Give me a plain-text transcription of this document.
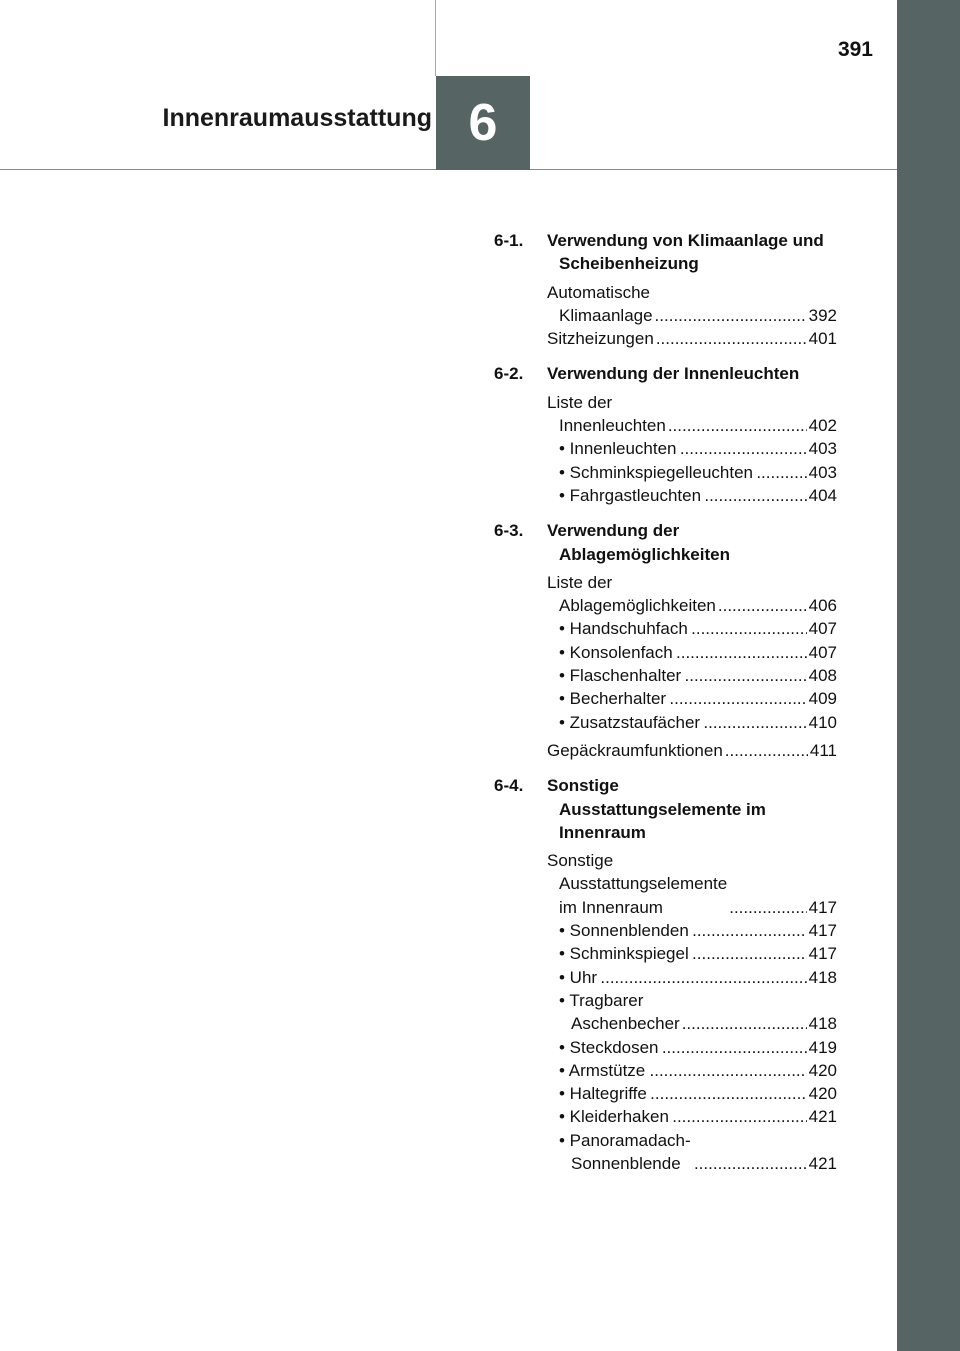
391
Innenraumausstattung 6
6-1.	Verwendung von Klimaanlage und Scheibenheizung
Automatische Klimaanlage .....	392
Sitzheizungen .....	401
6-2.	Verwendung der Innenleuchten
Liste der Innenleuchten .....	402
• Innenleuchten .....	403
• Schminkspiegelleuchten .....	403
• Fahrgastleuchten .....	404
6-3.	Verwendung der Ablagemöglichkeiten
Liste der Ablagemöglichkeiten .....	406
• Handschuhfach .....	407
• Konsolenfach .....	407
• Flaschenhalter .....	408
• Becherhalter .....	409
• Zusatzstaufächer .....	410
Gepäckraumfunktionen .....	411
6-4.	Sonstige Ausstattungselemente im Innenraum
Sonstige Ausstattungselemente im Innenraum .....	417
• Sonnenblenden .....	417
• Schminkspiegel .....	417
• Uhr .....	418
• Tragbarer Aschenbecher .....	418
• Steckdosen .....	419
• Armstütze .....	420
• Haltegriffe .....	420
• Kleiderhaken .....	421
• Panoramadach-Sonnenblende .....	421
